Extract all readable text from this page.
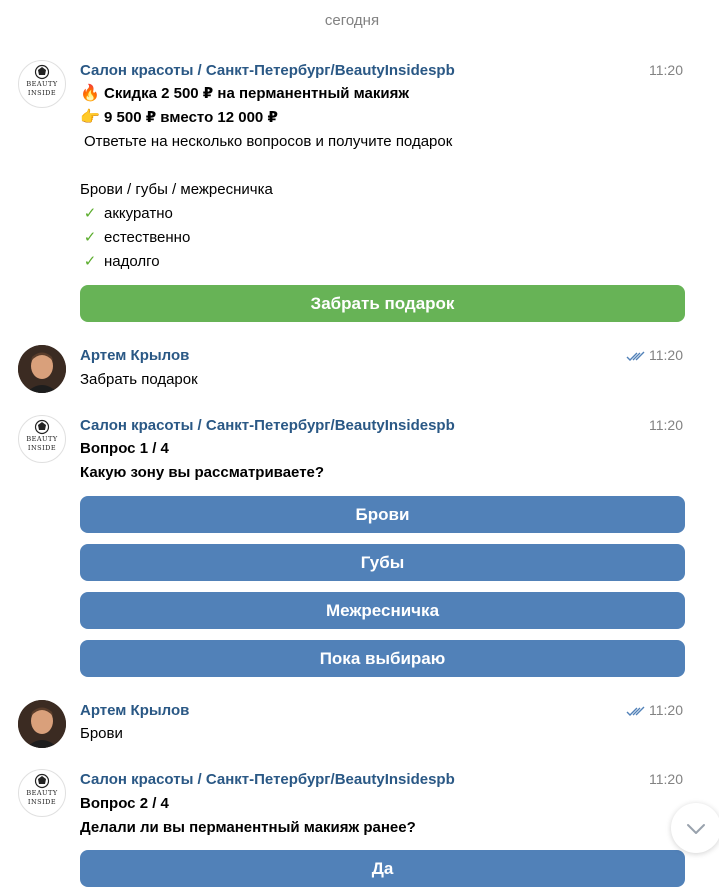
сегодня
BEAUTY
INSIDE
Салон красоты / Санкт-Петербург/BeautyInsidespb	11:20
🔥 Скидка 2 500 ₽ на перманентный макияж
👉 9 500 ₽ вместо 12 000 ₽
Ответьте на несколько вопросов и получите подарок
Брови / губы / межресничка
✓ аккуратно
✓ естественно
✓ надолго
Забрать подарок
Артем Крылов	11:20
Забрать подарок
BEAUTY
INSIDE
Салон красоты / Санкт-Петербург/BeautyInsidespb	11:20
Вопрос 1 / 4
Какую зону вы рассматриваете?
Брови
Губы
Межресничка
Пока выбираю
Артем Крылов	11:20
Брови
BEAUTY
INSIDE
Салон красоты / Санкт-Петербург/BeautyInsidespb	11:20
Вопрос 2 / 4
Делали ли вы перманентный макияж ранее?
Да
